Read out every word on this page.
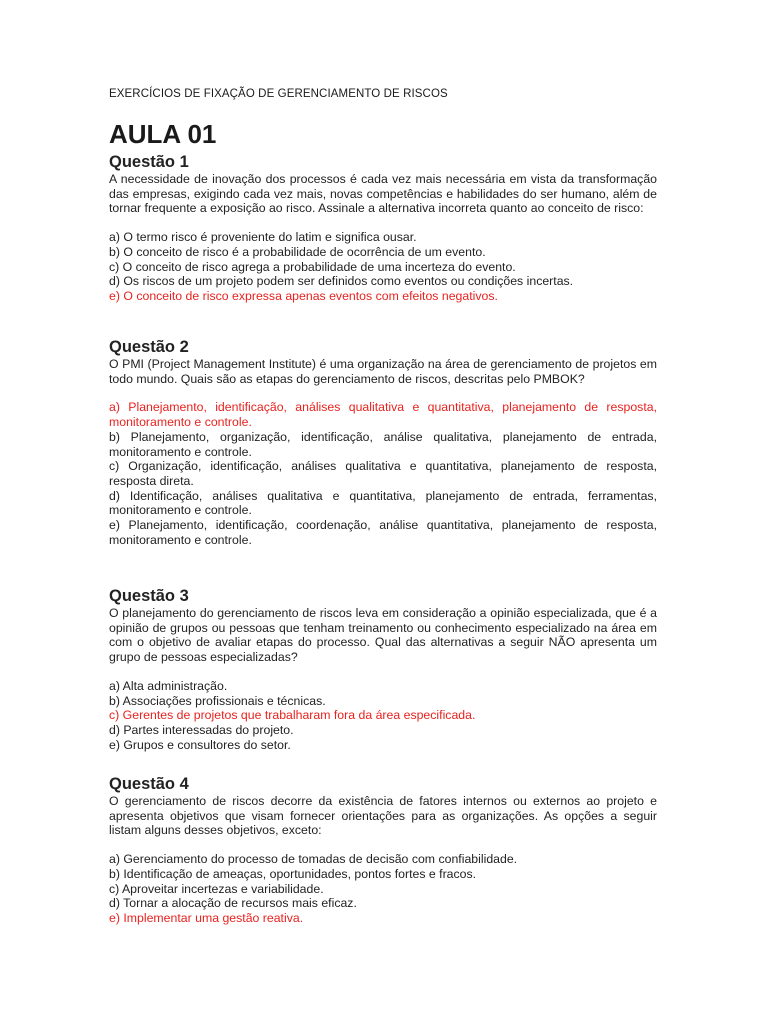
EXERCÍCIOS DE FIXAÇÃO DE GERENCIAMENTO DE RISCOS
AULA 01
Questão 1

A necessidade de inovação dos processos é cada vez mais necessária em vista da transformação das empresas, exigindo cada vez mais, novas competências e habilidades do ser humano, além de tornar frequente a exposição ao risco. Assinale a alternativa incorreta quanto ao conceito de risco:

a) O termo risco é proveniente do latim e significa ousar.

b) O conceito de risco é a probabilidade de ocorrência de um evento.

c) O conceito de risco agrega a probabilidade de uma incerteza do evento.

d) Os riscos de um projeto podem ser definidos como eventos ou condições incertas.

e) O conceito de risco expressa apenas eventos com efeitos negativos.

Questão 2

O PMI (Project Management Institute) é uma organização na área de gerenciamento de projetos em todo mundo. Quais são as etapas do gerenciamento de riscos, descritas pelo PMBOK?

a) Planejamento, identificação, análises qualitativa e quantitativa, planejamento de resposta, monitoramento e controle.

b) Planejamento, organização, identificação, análise qualitativa, planejamento de entrada, monitoramento e controle.

c) Organização, identificação, análises qualitativa e quantitativa, planejamento de resposta, resposta direta.

d) Identificação, análises qualitativa e quantitativa, planejamento de entrada, ferramentas, monitoramento e controle.

e) Planejamento, identificação, coordenação, análise quantitativa, planejamento de resposta, monitoramento e controle.

Questão 3

O planejamento do gerenciamento de riscos leva em consideração a opinião especializada, que é a opinião de grupos ou pessoas que tenham treinamento ou conhecimento especializado na área em com o objetivo de avaliar etapas do processo. Qual das alternativas a seguir NÃO apresenta um grupo de pessoas especializadas?

a) Alta administração.

b) Associações profissionais e técnicas.

c) Gerentes de projetos que trabalharam fora da área especificada.

d) Partes interessadas do projeto.

e) Grupos e consultores do setor.

Questão 4

O gerenciamento de riscos decorre da existência de fatores internos ou externos ao projeto e apresenta objetivos que visam fornecer orientações para as organizações. As opções a seguir listam alguns desses objetivos, exceto:

a) Gerenciamento do processo de tomadas de decisão com confiabilidade.

b) Identificação de ameaças, oportunidades, pontos fortes e fracos.

c) Aproveitar incertezas e variabilidade.

d) Tornar a alocação de recursos mais eficaz.

e) Implementar uma gestão reativa.
